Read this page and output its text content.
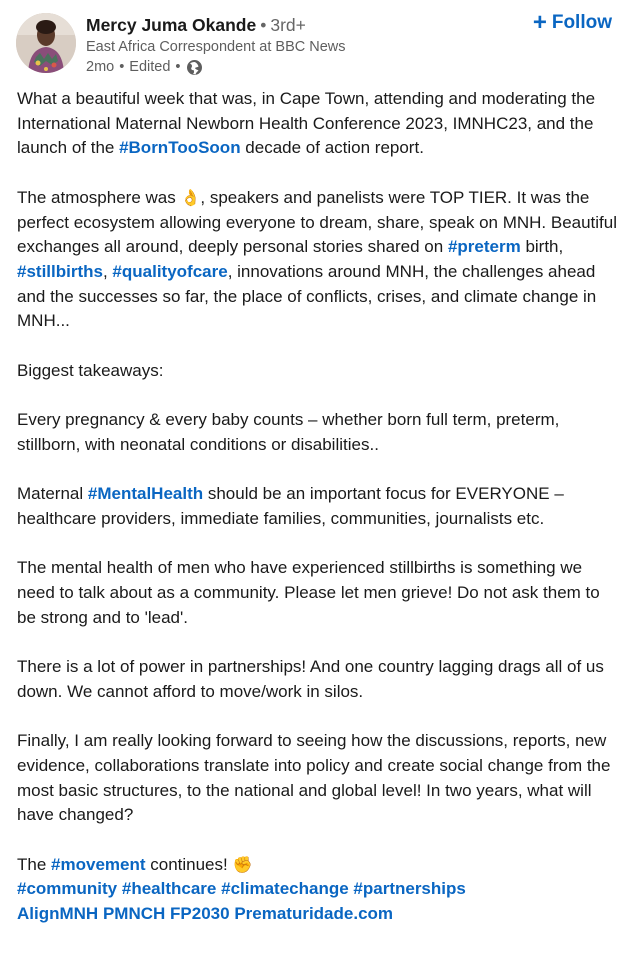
Mercy Juma Okande • 3rd+
East Africa Correspondent at BBC News
2mo • Edited •
+ Follow

What a beautiful week that was, in Cape Town, attending and moderating the
International Maternal Newborn Health Conference 2023, IMNHC23, and the
launch of the #BornTooSoon decade of action report.

The atmosphere was 👌, speakers and panelists were TOP TIER. It was the
perfect ecosystem allowing everyone to dream, share, speak on MNH. Beautiful
exchanges all around, deeply personal stories shared on #preterm birth,
#stillbirths, #qualityofcare, innovations around MNH, the challenges ahead
and the successes so far, the place of conflicts, crises, and climate change in
MNH...

Biggest takeaways:

Every pregnancy & every baby counts – whether born full term, preterm,
stillborn, with neonatal conditions or disabilities..

Maternal #MentalHealth should be an important focus for EVERYONE –
healthcare providers, immediate families, communities, journalists etc.

The mental health of men who have experienced stillbirths is something we
need to talk about as a community. Please let men grieve! Do not ask them to
be strong and to 'lead'.

There is a lot of power in partnerships! And one country lagging drags all of us
down. We cannot afford to move/work in silos.

Finally, I am really looking forward to seeing how the discussions, reports, new
evidence, collaborations translate into policy and create social change from the
most basic structures, to the national and global level! In two years, what will
have changed?

The #movement continues! ✊
#community #healthcare #climatechange #partnerships
AlignMNH PMNCH FP2030 Prematuridade.com
